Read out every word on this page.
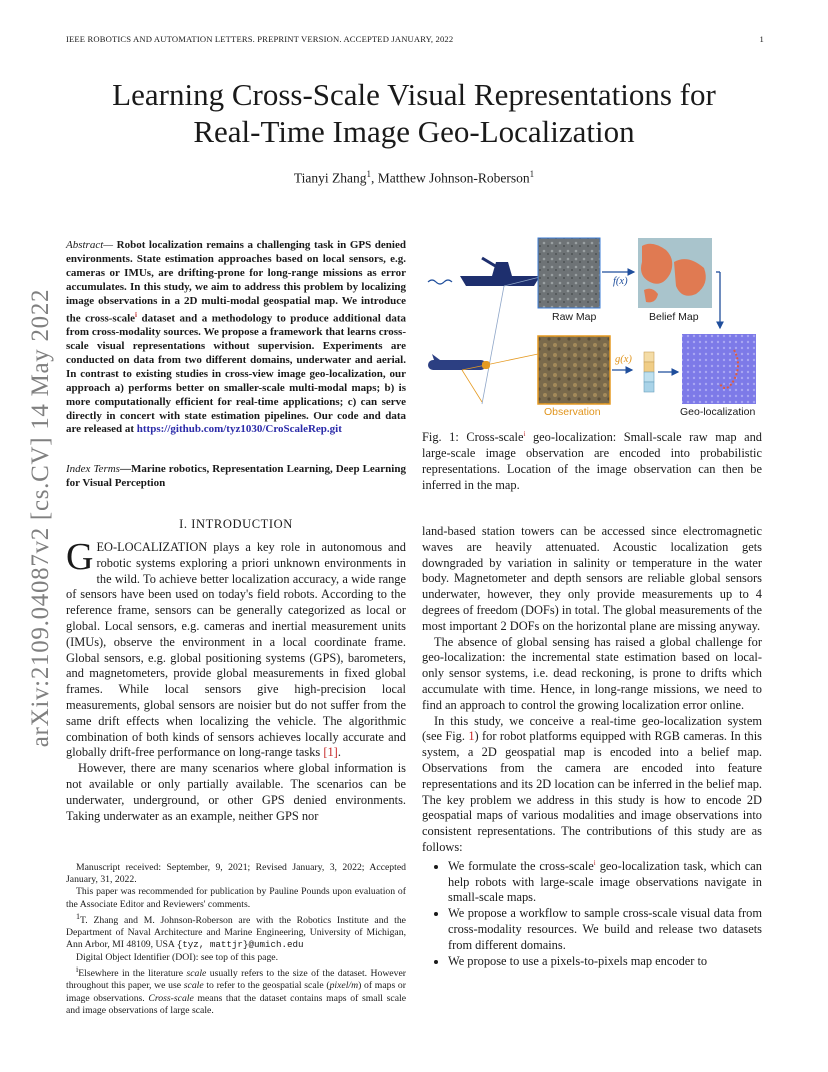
IEEE ROBOTICS AND AUTOMATION LETTERS. PREPRINT VERSION. ACCEPTED JANUARY, 2022	1
Learning Cross-Scale Visual Representations for
Real-Time Image Geo-Localization
Tianyi Zhang$^1$, Matthew Johnson-Roberson$^1$
arXiv:2109.04087v2 [cs.CV] 14 May 2022
Abstract— Robot localization remains a challenging task in GPS denied environments. State estimation approaches based on local sensors, e.g. cameras or IMUs, are drifting-prone for long-range missions as error accumulates. In this study, we aim to address this problem by localizing image observations in a 2D multi-modal geospatial map. We introduce the cross-scale$^i$ dataset and a methodology to produce additional data from cross-modality sources. We propose a framework that learns cross-scale visual representations without supervision. Experiments are conducted on data from two different domains, underwater and aerial. In contrast to existing studies in cross-view image geo-localization, our approach a) performs better on smaller-scale multi-modal maps; b) is more computationally efficient for real-time applications; c) can serve directly in concert with state estimation pipelines. Our code and data are released at https://github.com/tyz1030/CroScaleRep.git
Index Terms—Marine robotics, Representation Learning, Deep Learning for Visual Perception
I. INTRODUCTION

GEO-LOCALIZATION plays a key role in autonomous and robotic systems exploring a priori unknown environments in the wild. To achieve better localization accuracy, a wide range of sensors have been used on today's field robots. According to the reference frame, sensors can be generally categorized as local or global. Local sensors, e.g. cameras and inertial measurement units (IMUs), observe the environment in a local coordinate frame. Global sensors, e.g. global positioning systems (GPS), barometers, and magnetometers, provide global measurements in fixed global frames. While local sensors give high-precision local measurements, global sensors are noisier but do not suffer from the same drift effects when localizing the vehicle. The algorithmic combination of both kinds of sensors achieves locally accurate and globally drift-free performance on long-range tasks [1].

However, there are many scenarios where global information is not available or only partially available. The scenarios can be underwater, underground, or other GPS denied environments. Taking underwater as an example, neither GPS nor

Manuscript received: September, 9, 2021; Revised January, 3, 2022; Accepted January, 31, 2022.

This paper was recommended for publication by Pauline Pounds upon evaluation of the Associate Editor and Reviewers' comments.

$^1$T. Zhang and M. Johnson-Roberson are with the Robotics Institute and the Department of Naval Architecture and Marine Engineering, University of Michigan, Ann Arbor, MI 48109, USA {tyz, mattjr}@umich.edu

Digital Object Identifier (DOI): see top of this page.

$^i$Elsewhere in the literature scale usually refers to the size of the dataset. However throughout this paper, we use scale to refer to the geospatial scale (pixel/m) of maps or image observations. Cross-scale means that the dataset contains maps of small scale and image observations of large scale.

Raw Map	Belief Map
Observation	Geo-localization
f(x)
g(x)
Fig. 1: Cross-scale$^i$ geo-localization: Small-scale raw map and large-scale image observation are encoded into probabilistic representations. Location of the image observation can then be inferred in the map.

land-based station towers can be accessed since electromagnetic waves are heavily attenuated. Acoustic localization gets downgraded by variation in salinity or temperature in the water body. Magnetometer and depth sensors are reliable global sensors underwater, however, they only provide measurements up to 4 degrees of freedom (DOFs) in total. The global measurements of the most important 2 DOFs on the horizontal plane are missing anyway.

The absence of global sensing has raised a global challenge for geo-localization: the incremental state estimation based on local-only sensor systems, i.e. dead reckoning, is prone to drifts which accumulate with time. Hence, in long-range missions, we need to find an approach to control the growing localization error online.

In this study, we conceive a real-time geo-localization system (see Fig. 1) for robot platforms equipped with RGB cameras. In this system, a 2D geospatial map is encoded into a belief map. Observations from the camera are encoded into feature representations and its 2D location can be inferred in the belief map. The key problem we address in this study is how to encode 2D geospatial maps of various modalities and image observations into consistent representations. The contributions of this study are as follows:

• We formulate the cross-scale$^i$ geo-localization task, which can help robots with large-scale image observations navigate in small-scale maps.
• We propose a workflow to sample cross-scale visual data from cross-modality resources. We build and release two datasets from different domains.
• We propose to use a pixels-to-pixels map encoder to
